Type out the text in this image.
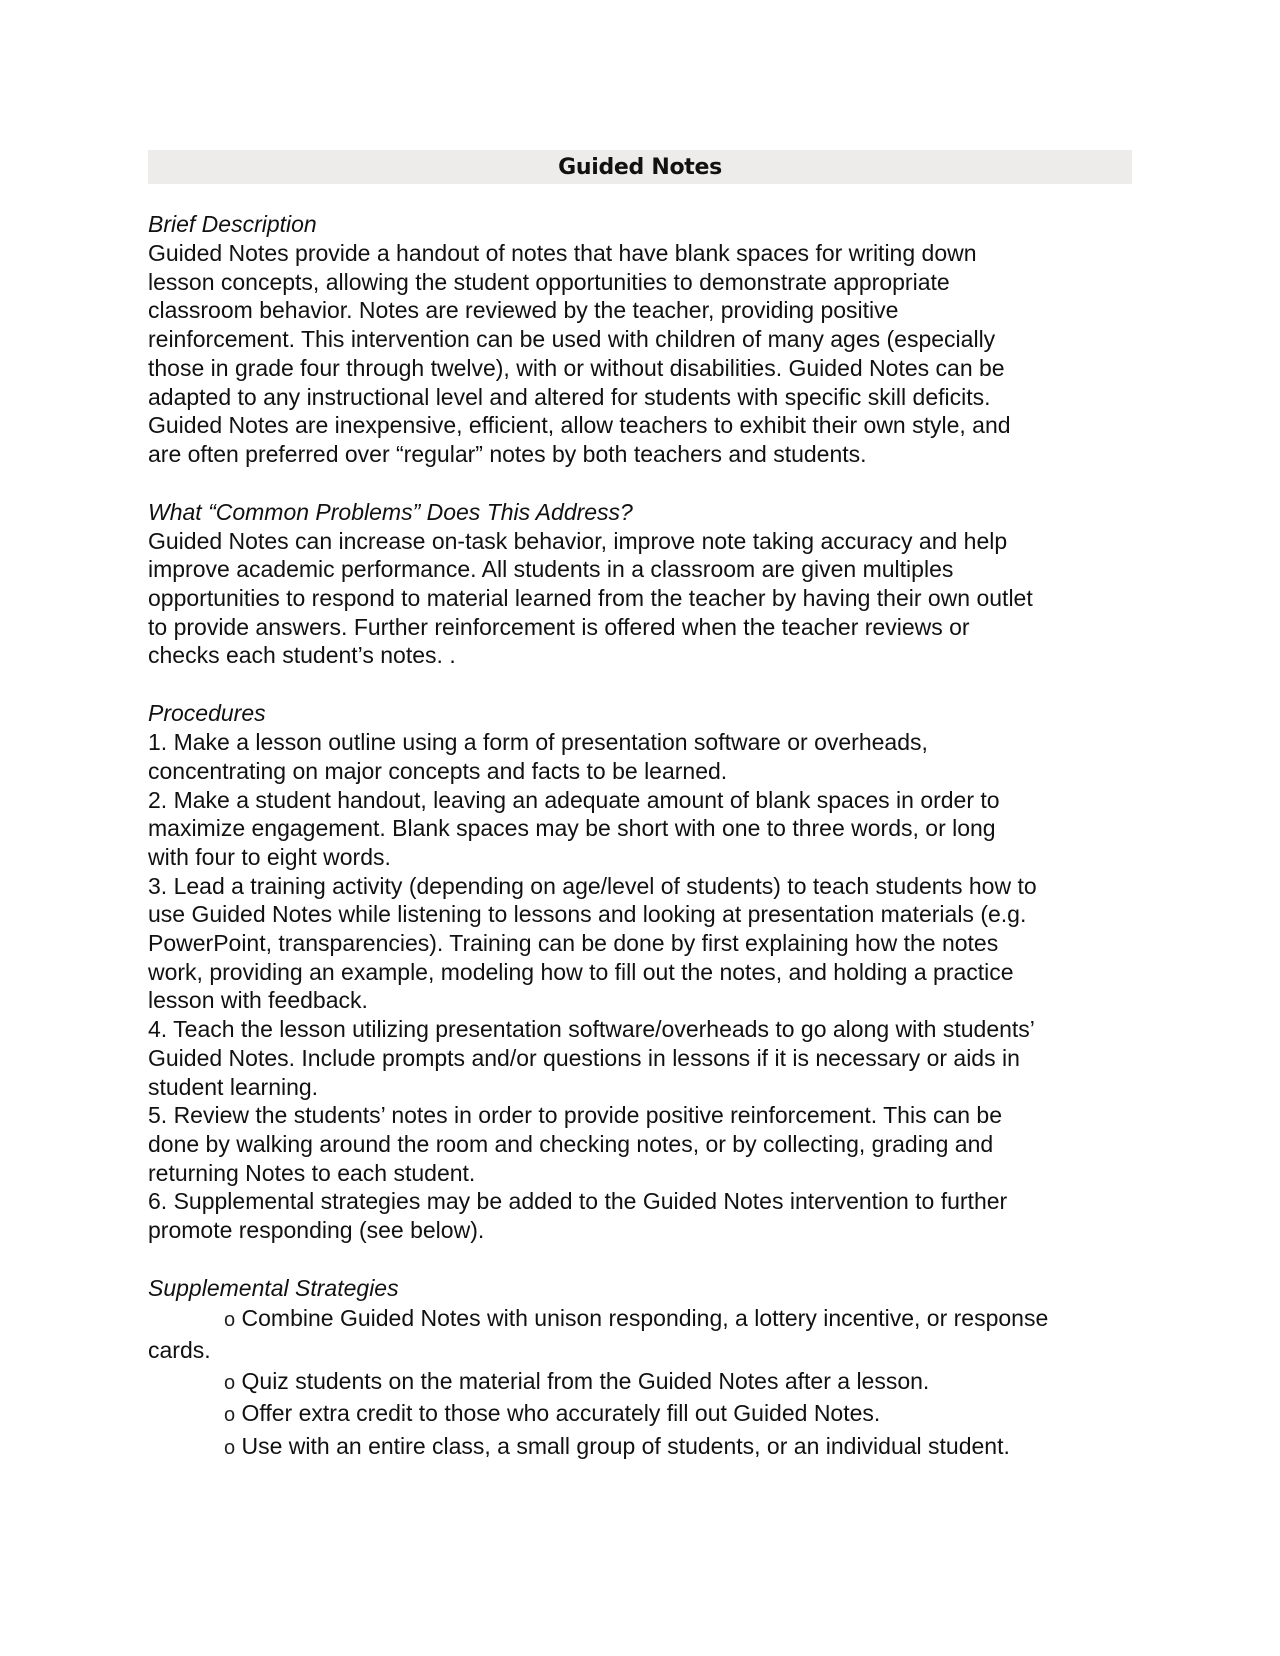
Guided Notes

Brief Description

Guided Notes provide a handout of notes that have blank spaces for writing down
lesson concepts, allowing the student opportunities to demonstrate appropriate
classroom behavior. Notes are reviewed by the teacher, providing positive
reinforcement. This intervention can be used with children of many ages (especially
those in grade four through twelve), with or without disabilities. Guided Notes can be
adapted to any instructional level and altered for students with specific skill deficits.
Guided Notes are inexpensive, efficient, allow teachers to exhibit their own style, and
are often preferred over “regular” notes by both teachers and students.

What “Common Problems” Does This Address?

Guided Notes can increase on-task behavior, improve note taking accuracy and help
improve academic performance. All students in a classroom are given multiples
opportunities to respond to material learned from the teacher by having their own outlet
to provide answers. Further reinforcement is offered when the teacher reviews or
checks each student’s notes. .

Procedures

1. Make a lesson outline using a form of presentation software or overheads,
concentrating on major concepts and facts to be learned.

2. Make a student handout, leaving an adequate amount of blank spaces in order to
maximize engagement. Blank spaces may be short with one to three words, or long
with four to eight words.

3. Lead a training activity (depending on age/level of students) to teach students how to
use Guided Notes while listening to lessons and looking at presentation materials (e.g.
PowerPoint, transparencies). Training can be done by first explaining how the notes
work, providing an example, modeling how to fill out the notes, and holding a practice
lesson with feedback.

4. Teach the lesson utilizing presentation software/overheads to go along with students’
Guided Notes. Include prompts and/or questions in lessons if it is necessary or aids in
student learning.

5. Review the students’ notes in order to provide positive reinforcement. This can be
done by walking around the room and checking notes, or by collecting, grading and
returning Notes to each student.

6. Supplemental strategies may be added to the Guided Notes intervention to further
promote responding (see below).

Supplemental Strategies

o Combine Guided Notes with unison responding, a lottery incentive, or response
cards.

o Quiz students on the material from the Guided Notes after a lesson.

o Offer extra credit to those who accurately fill out Guided Notes.

o Use with an entire class, a small group of students, or an individual student.
